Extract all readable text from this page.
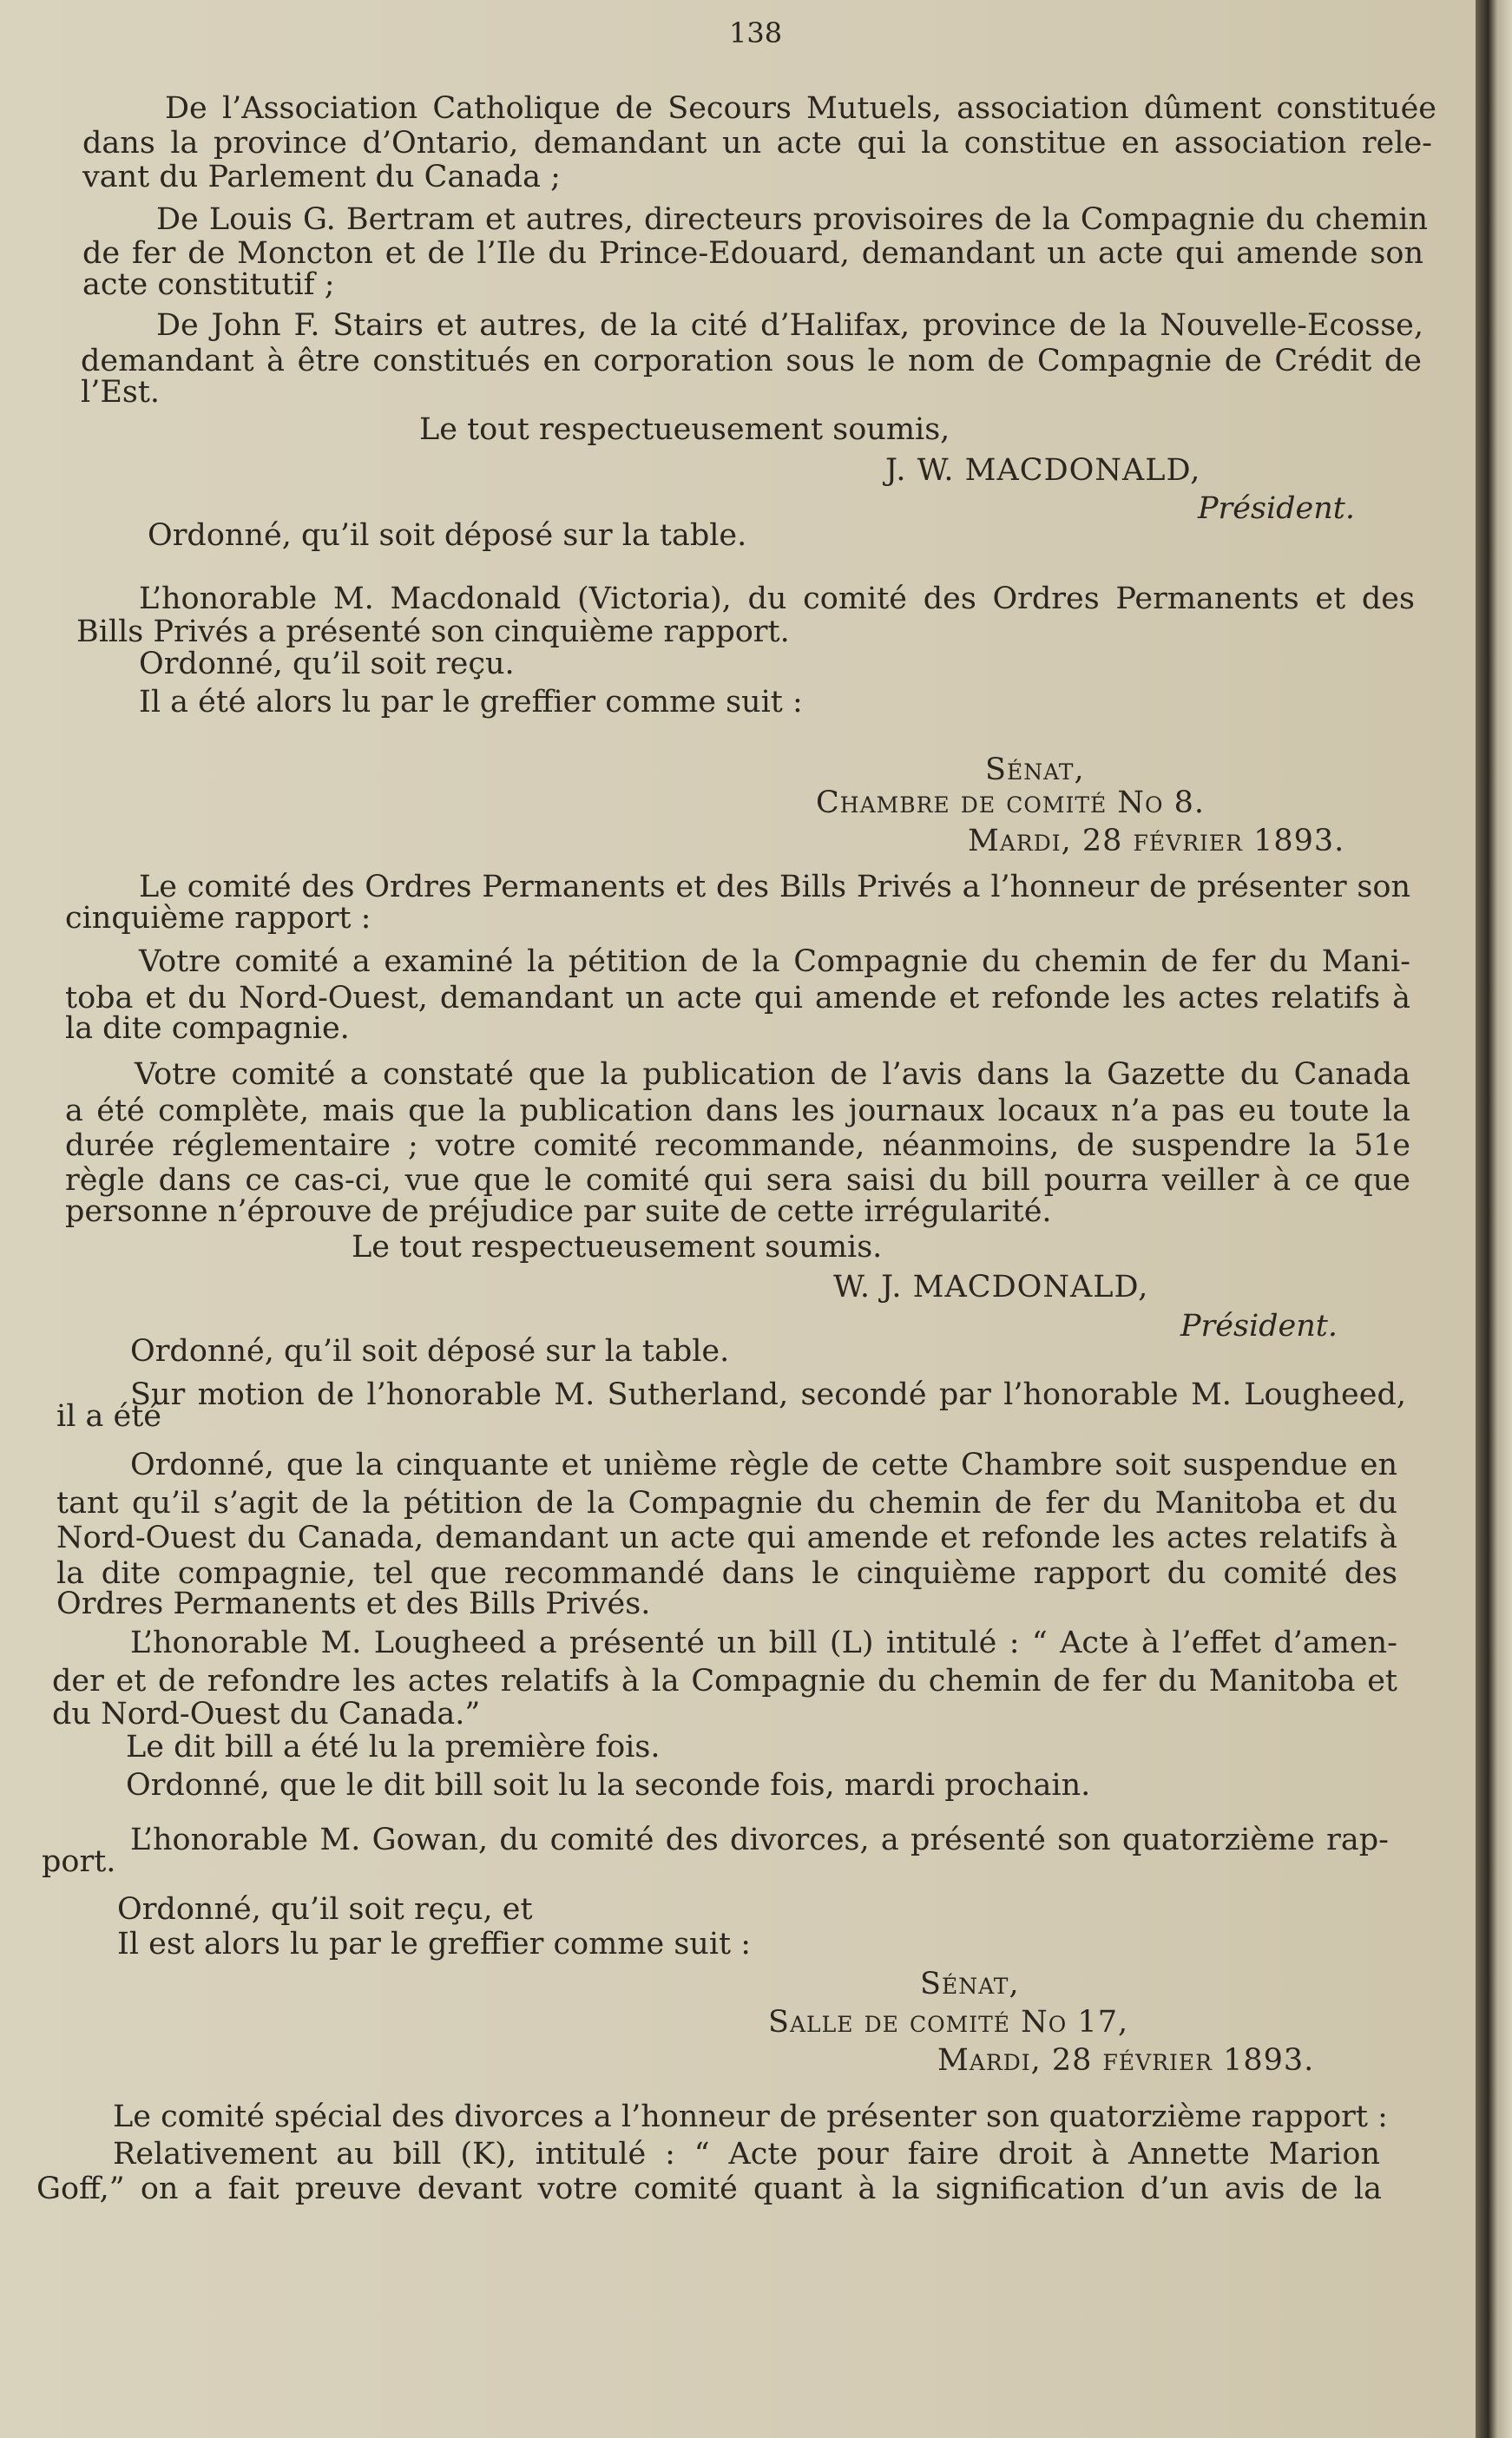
138
De l’Association Catholique de Secours Mutuels, association dûment constituée
dans la province d’Ontario, demandant un acte qui la constitue en association rele-
vant du Parlement du Canada ;
De Louis G. Bertram et autres, directeurs provisoires de la Compagnie du chemin
de fer de Moncton et de l’Ile du Prince-Edouard, demandant un acte qui amende son
acte constitutif ;
De John F. Stairs et autres, de la cité d’Halifax, province de la Nouvelle-Ecosse,
demandant à être constitués en corporation sous le nom de Compagnie de Crédit de
l’Est.
Le tout respectueusement soumis,
J. W. MACDONALD,
Président.
Ordonné, qu’il soit déposé sur la table.
L’honorable M. Macdonald (Victoria), du comité des Ordres Permanents et des
Bills Privés a présenté son cinquième rapport.
Ordonné, qu’il soit reçu.
Il a été alors lu par le greffier comme suit :
Sénat,
Chambre de comité No 8.
Mardi, 28 février 1893.
Le comité des Ordres Permanents et des Bills Privés a l’honneur de présenter son
cinquième rapport :
Votre comité a examiné la pétition de la Compagnie du chemin de fer du Mani-
toba et du Nord-Ouest, demandant un acte qui amende et refonde les actes relatifs à
la dite compagnie.
Votre comité a constaté que la publication de l’avis dans la Gazette du Canada
a été complète, mais que la publication dans les journaux locaux n’a pas eu toute la
durée réglementaire ; votre comité recommande, néanmoins, de suspendre la 51e
règle dans ce cas-ci, vue que le comité qui sera saisi du bill pourra veiller à ce que
personne n’éprouve de préjudice par suite de cette irrégularité.
Le tout respectueusement soumis.
W. J. MACDONALD,
Président.
Ordonné, qu’il soit déposé sur la table.
Sur motion de l’honorable M. Sutherland, secondé par l’honorable M. Lougheed,
il a été
Ordonné, que la cinquante et unième règle de cette Chambre soit suspendue en
tant qu’il s’agit de la pétition de la Compagnie du chemin de fer du Manitoba et du
Nord-Ouest du Canada, demandant un acte qui amende et refonde les actes relatifs à
la dite compagnie, tel que recommandé dans le cinquième rapport du comité des
Ordres Permanents et des Bills Privés.
L’honorable M. Lougheed a présenté un bill (L) intitulé : “ Acte à l’effet d’amen-
der et de refondre les actes relatifs à la Compagnie du chemin de fer du Manitoba et
du Nord-Ouest du Canada.”
Le dit bill a été lu la première fois.
Ordonné, que le dit bill soit lu la seconde fois, mardi prochain.
L’honorable M. Gowan, du comité des divorces, a présenté son quatorzième rap-
port.
Ordonné, qu’il soit reçu, et
Il est alors lu par le greffier comme suit :
Sénat,
Salle de comité No 17,
Mardi, 28 février 1893.
Le comité spécial des divorces a l’honneur de présenter son quatorzième rapport :
Relativement au bill (K), intitulé : “ Acte pour faire droit à Annette Marion
Goff,” on a fait preuve devant votre comité quant à la signification d’un avis de la
